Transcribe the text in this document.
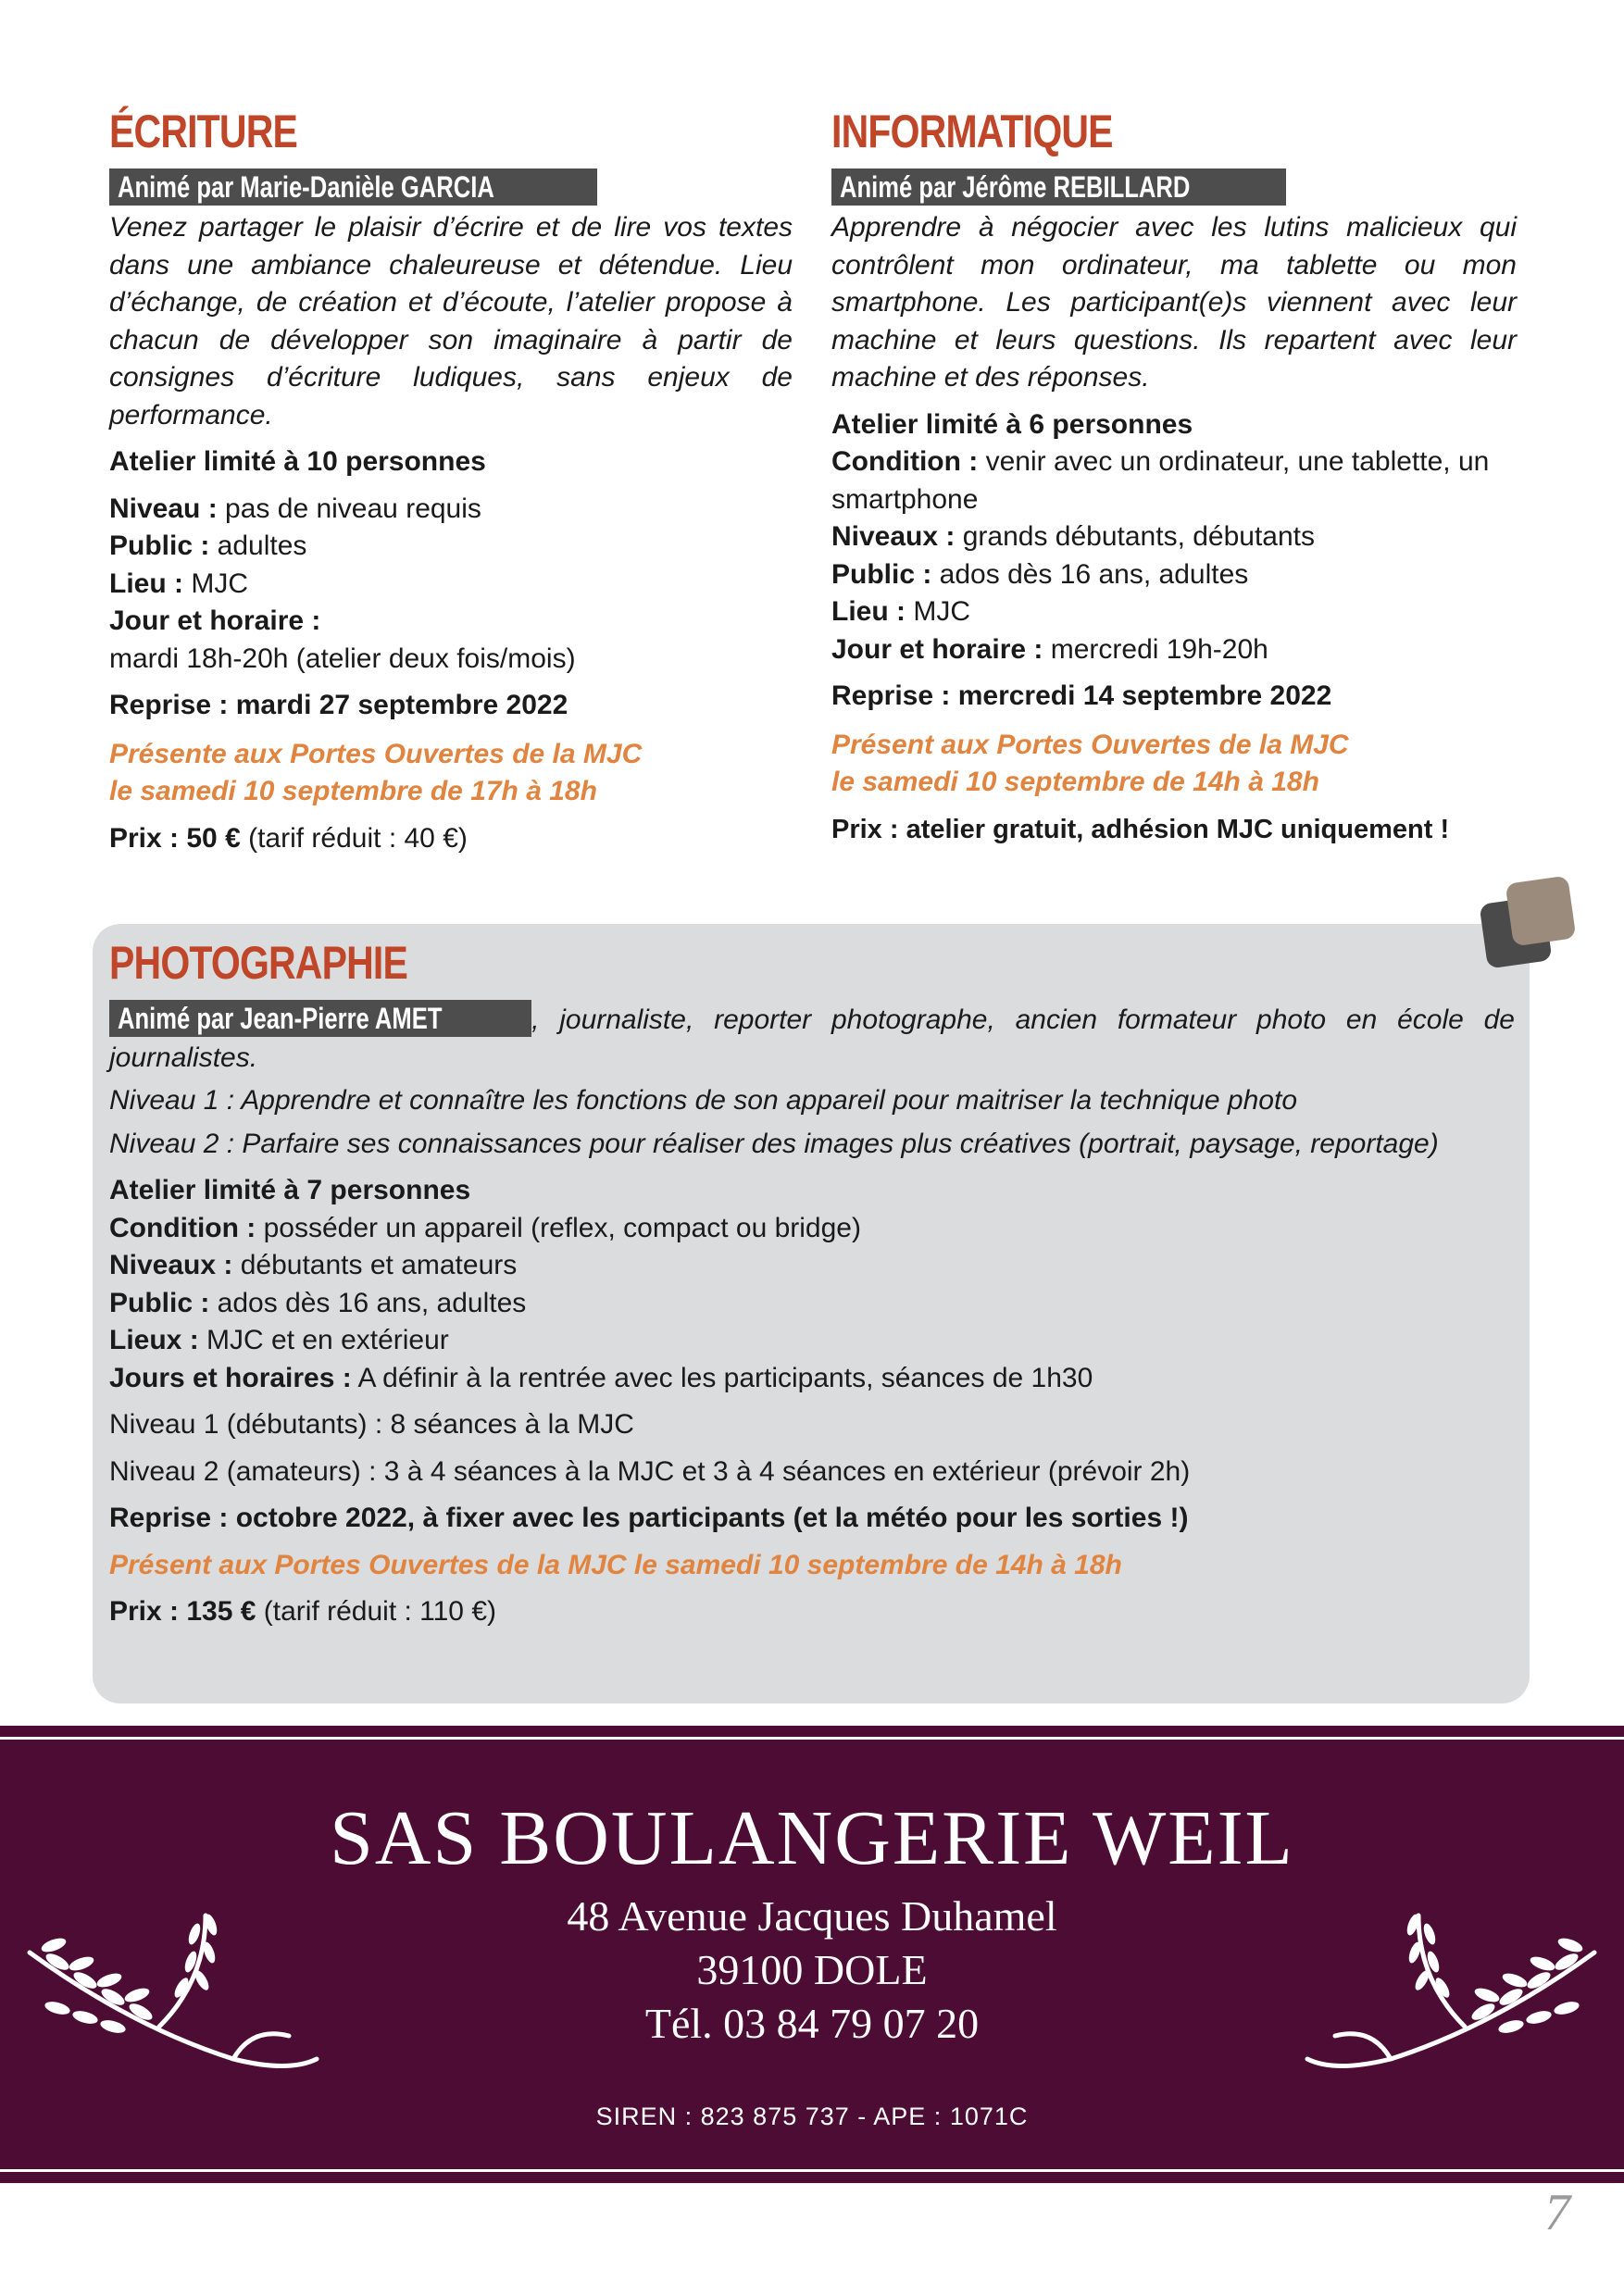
ÉCRITURE
Animé par Marie-Danièle GARCIA

Venez partager le plaisir d’écrire et de lire vos textes dans une ambiance chaleureuse et détendue. Lieu d’échange, de création et d’écoute, l’atelier propose à chacun de développer son imaginaire à partir de consignes d’écriture ludiques, sans enjeux de performance.

Atelier limité à 10 personnes

Niveau : pas de niveau requis

Public : adultes

Lieu : MJC

Jour et horaire :

mardi 18h-20h (atelier deux fois/mois)

Reprise : mardi 27 septembre 2022

Présente aux Portes Ouvertes de la MJC

le samedi 10 septembre de 17h à 18h

Prix : 50 € (tarif réduit : 40 €)

INFORMATIQUE
Animé par Jérôme REBILLARD

Apprendre à négocier avec les lutins malicieux qui contrôlent mon ordinateur, ma tablette ou mon smartphone. Les participant(e)s viennent avec leur machine et leurs questions. Ils repartent avec leur machine et des réponses.

Atelier limité à 6 personnes

Condition : venir avec un ordinateur, une tablette, un smartphone

Niveaux : grands débutants, débutants

Public : ados dès 16 ans, adultes

Lieu : MJC

Jour et horaire : mercredi 19h-20h

Reprise : mercredi 14 septembre 2022

Présent aux Portes Ouvertes de la MJC

le samedi 10 septembre de 14h à 18h

Prix : atelier gratuit, adhésion MJC uniquement !

PHOTOGRAPHIE

Animé par Jean-Pierre AMET	, journaliste, reporter photographe, ancien formateur photo en école de journalistes.

Niveau 1 : Apprendre et connaître les fonctions de son appareil pour maitriser la technique photo

Niveau 2 : Parfaire ses connaissances pour réaliser des images plus créatives (portrait, paysage, reportage)

Atelier limité à 7 personnes

Condition : posséder un appareil (reflex, compact ou bridge)

Niveaux : débutants et amateurs

Public : ados dès 16 ans, adultes

Lieux : MJC et en extérieur

Jours et horaires : A définir à la rentrée avec les participants, séances de 1h30

Niveau 1 (débutants) : 8 séances à la MJC

Niveau 2 (amateurs) : 3 à 4 séances à la MJC et 3 à 4 séances en extérieur (prévoir 2h)

Reprise : octobre 2022, à fixer avec les participants (et la météo pour les sorties !)

Présent aux Portes Ouvertes de la MJC le samedi 10 septembre de 14h à 18h

Prix : 135 € (tarif réduit : 110 €)

SAS BOULANGERIE WEIL
48 Avenue Jacques Duhamel
39100 DOLE
Tél. 03 84 79 07 20
SIREN : 823 875 737 - APE : 1071C
7
